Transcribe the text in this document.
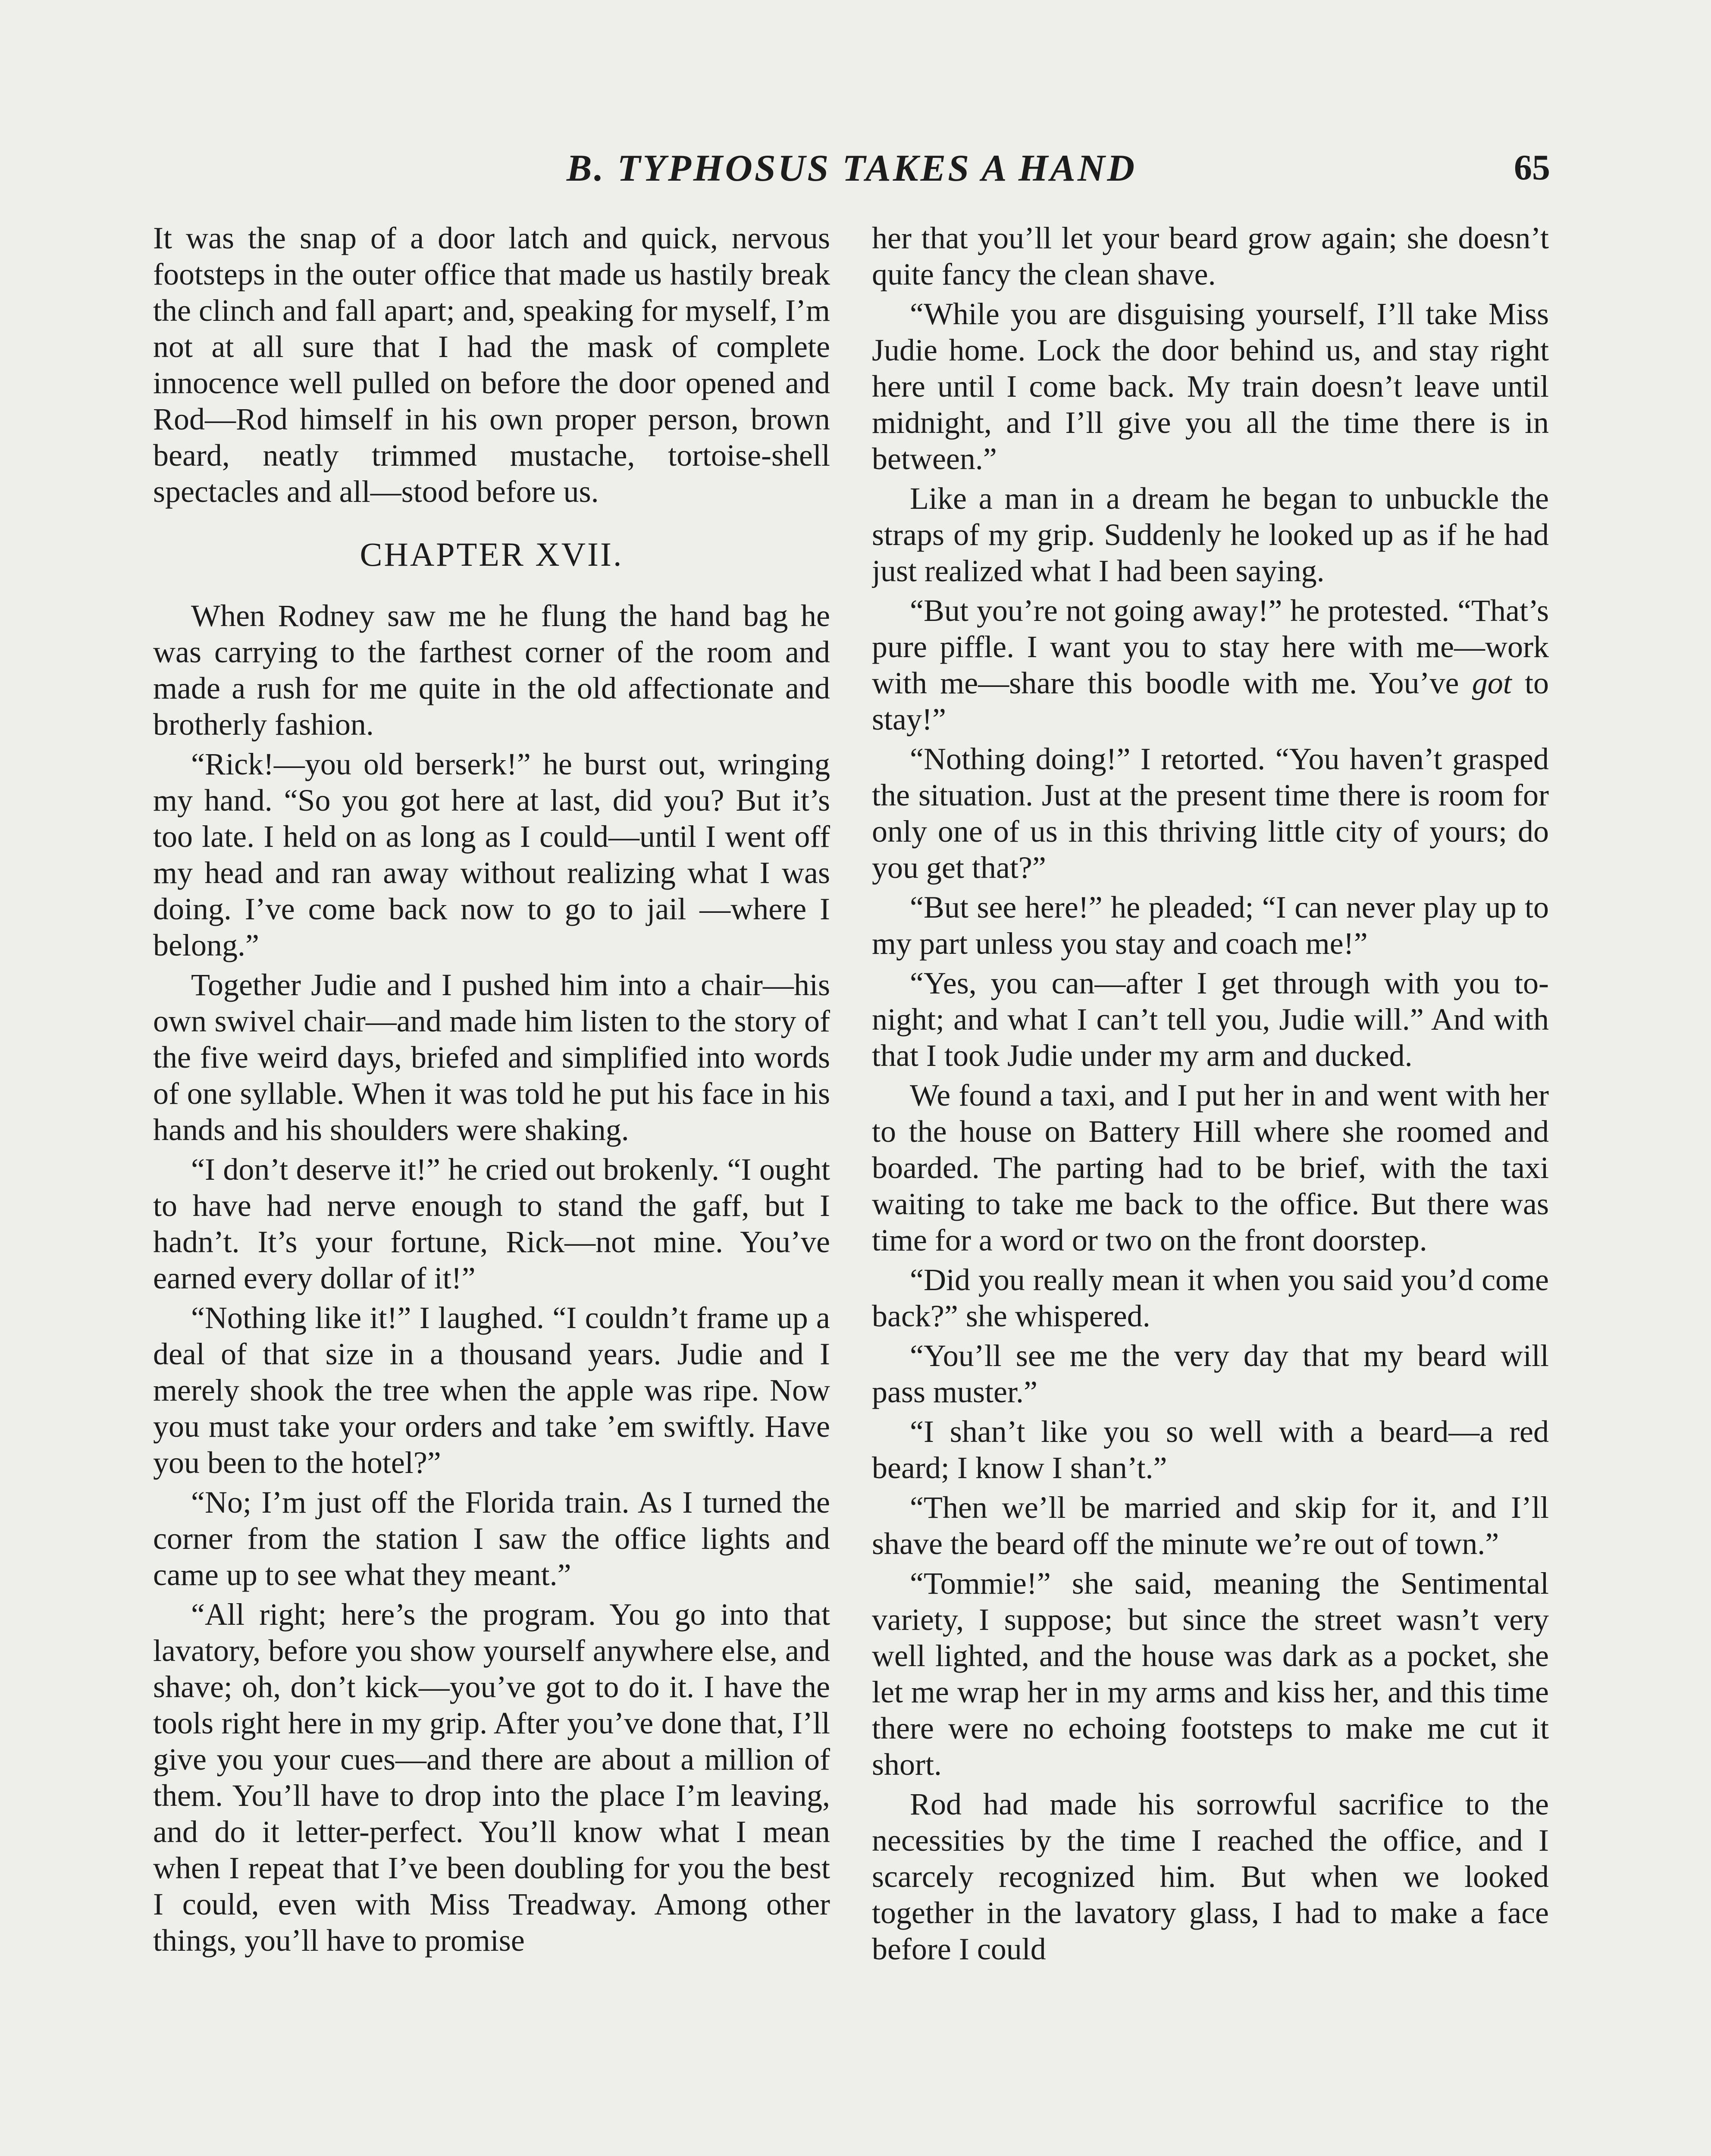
B. TYPHOSUS TAKES A HAND	65

It was the snap of a door latch and quick, nervous footsteps in the outer office that made us hastily break the clinch and fall apart; and, speaking for myself, I’m not at all sure that I had the mask of complete innocence well pulled on before the door opened and Rod—Rod himself in his own proper person, brown beard, neatly trimmed mustache, tortoise-shell spectacles and all—stood before us.

CHAPTER XVII.

When Rodney saw me he flung the hand bag he was carrying to the farthest corner of the room and made a rush for me quite in the old affectionate and brotherly fashion.

“Rick!—you old berserk!” he burst out, wringing my hand. “So you got here at last, did you? But it’s too late. I held on as long as I could—until I went off my head and ran away without realizing what I was doing. I’ve come back now to go to jail —where I belong.”

Together Judie and I pushed him into a chair—his own swivel chair—and made him listen to the story of the five weird days, briefed and simplified into words of one syllable. When it was told he put his face in his hands and his shoulders were shaking.

“I don’t deserve it!” he cried out brokenly. “I ought to have had nerve enough to stand the gaff, but I hadn’t. It’s your fortune, Rick—not mine. You’ve earned every dollar of it!”

“Nothing like it!” I laughed. “I couldn’t frame up a deal of that size in a thousand years. Judie and I merely shook the tree when the apple was ripe. Now you must take your orders and take ’em swiftly. Have you been to the hotel?”

“No; I’m just off the Florida train. As I turned the corner from the station I saw the office lights and came up to see what they meant.”

“All right; here’s the program. You go into that lavatory, before you show yourself anywhere else, and shave; oh, don’t kick—you’ve got to do it. I have the tools right here in my grip. After you’ve done that, I’ll give you your cues—and there are about a million of them. You’ll have to drop into the place I’m leaving, and do it letter-perfect. You’ll know what I mean when I repeat that I’ve been doubling for you the best I could, even with Miss Treadway. Among other things, you’ll have to promise

her that you’ll let your beard grow again; she doesn’t quite fancy the clean shave.

“While you are disguising yourself, I’ll take Miss Judie home. Lock the door behind us, and stay right here until I come back. My train doesn’t leave until midnight, and I’ll give you all the time there is in between.”

Like a man in a dream he began to unbuckle the straps of my grip. Suddenly he looked up as if he had just realized what I had been saying.

“But you’re not going away!” he protested. “That’s pure piffle. I want you to stay here with me—work with me—share this boodle with me. You’ve got to stay!”

“Nothing doing!” I retorted. “You haven’t grasped the situation. Just at the present time there is room for only one of us in this thriving little city of yours; do you get that?”

“But see here!” he pleaded; “I can never play up to my part unless you stay and coach me!”

“Yes, you can—after I get through with you to-night; and what I can’t tell you, Judie will.” And with that I took Judie under my arm and ducked.

We found a taxi, and I put her in and went with her to the house on Battery Hill where she roomed and boarded. The parting had to be brief, with the taxi waiting to take me back to the office. But there was time for a word or two on the front doorstep.

“Did you really mean it when you said you’d come back?” she whispered.

“You’ll see me the very day that my beard will pass muster.”

“I shan’t like you so well with a beard—a red beard; I know I shan’t.”

“Then we’ll be married and skip for it, and I’ll shave the beard off the minute we’re out of town.”

“Tommie!” she said, meaning the Sentimental variety, I suppose; but since the street wasn’t very well lighted, and the house was dark as a pocket, she let me wrap her in my arms and kiss her, and this time there were no echoing footsteps to make me cut it short.

Rod had made his sorrowful sacrifice to the necessities by the time I reached the office, and I scarcely recognized him. But when we looked together in the lavatory glass, I had to make a face before I could
